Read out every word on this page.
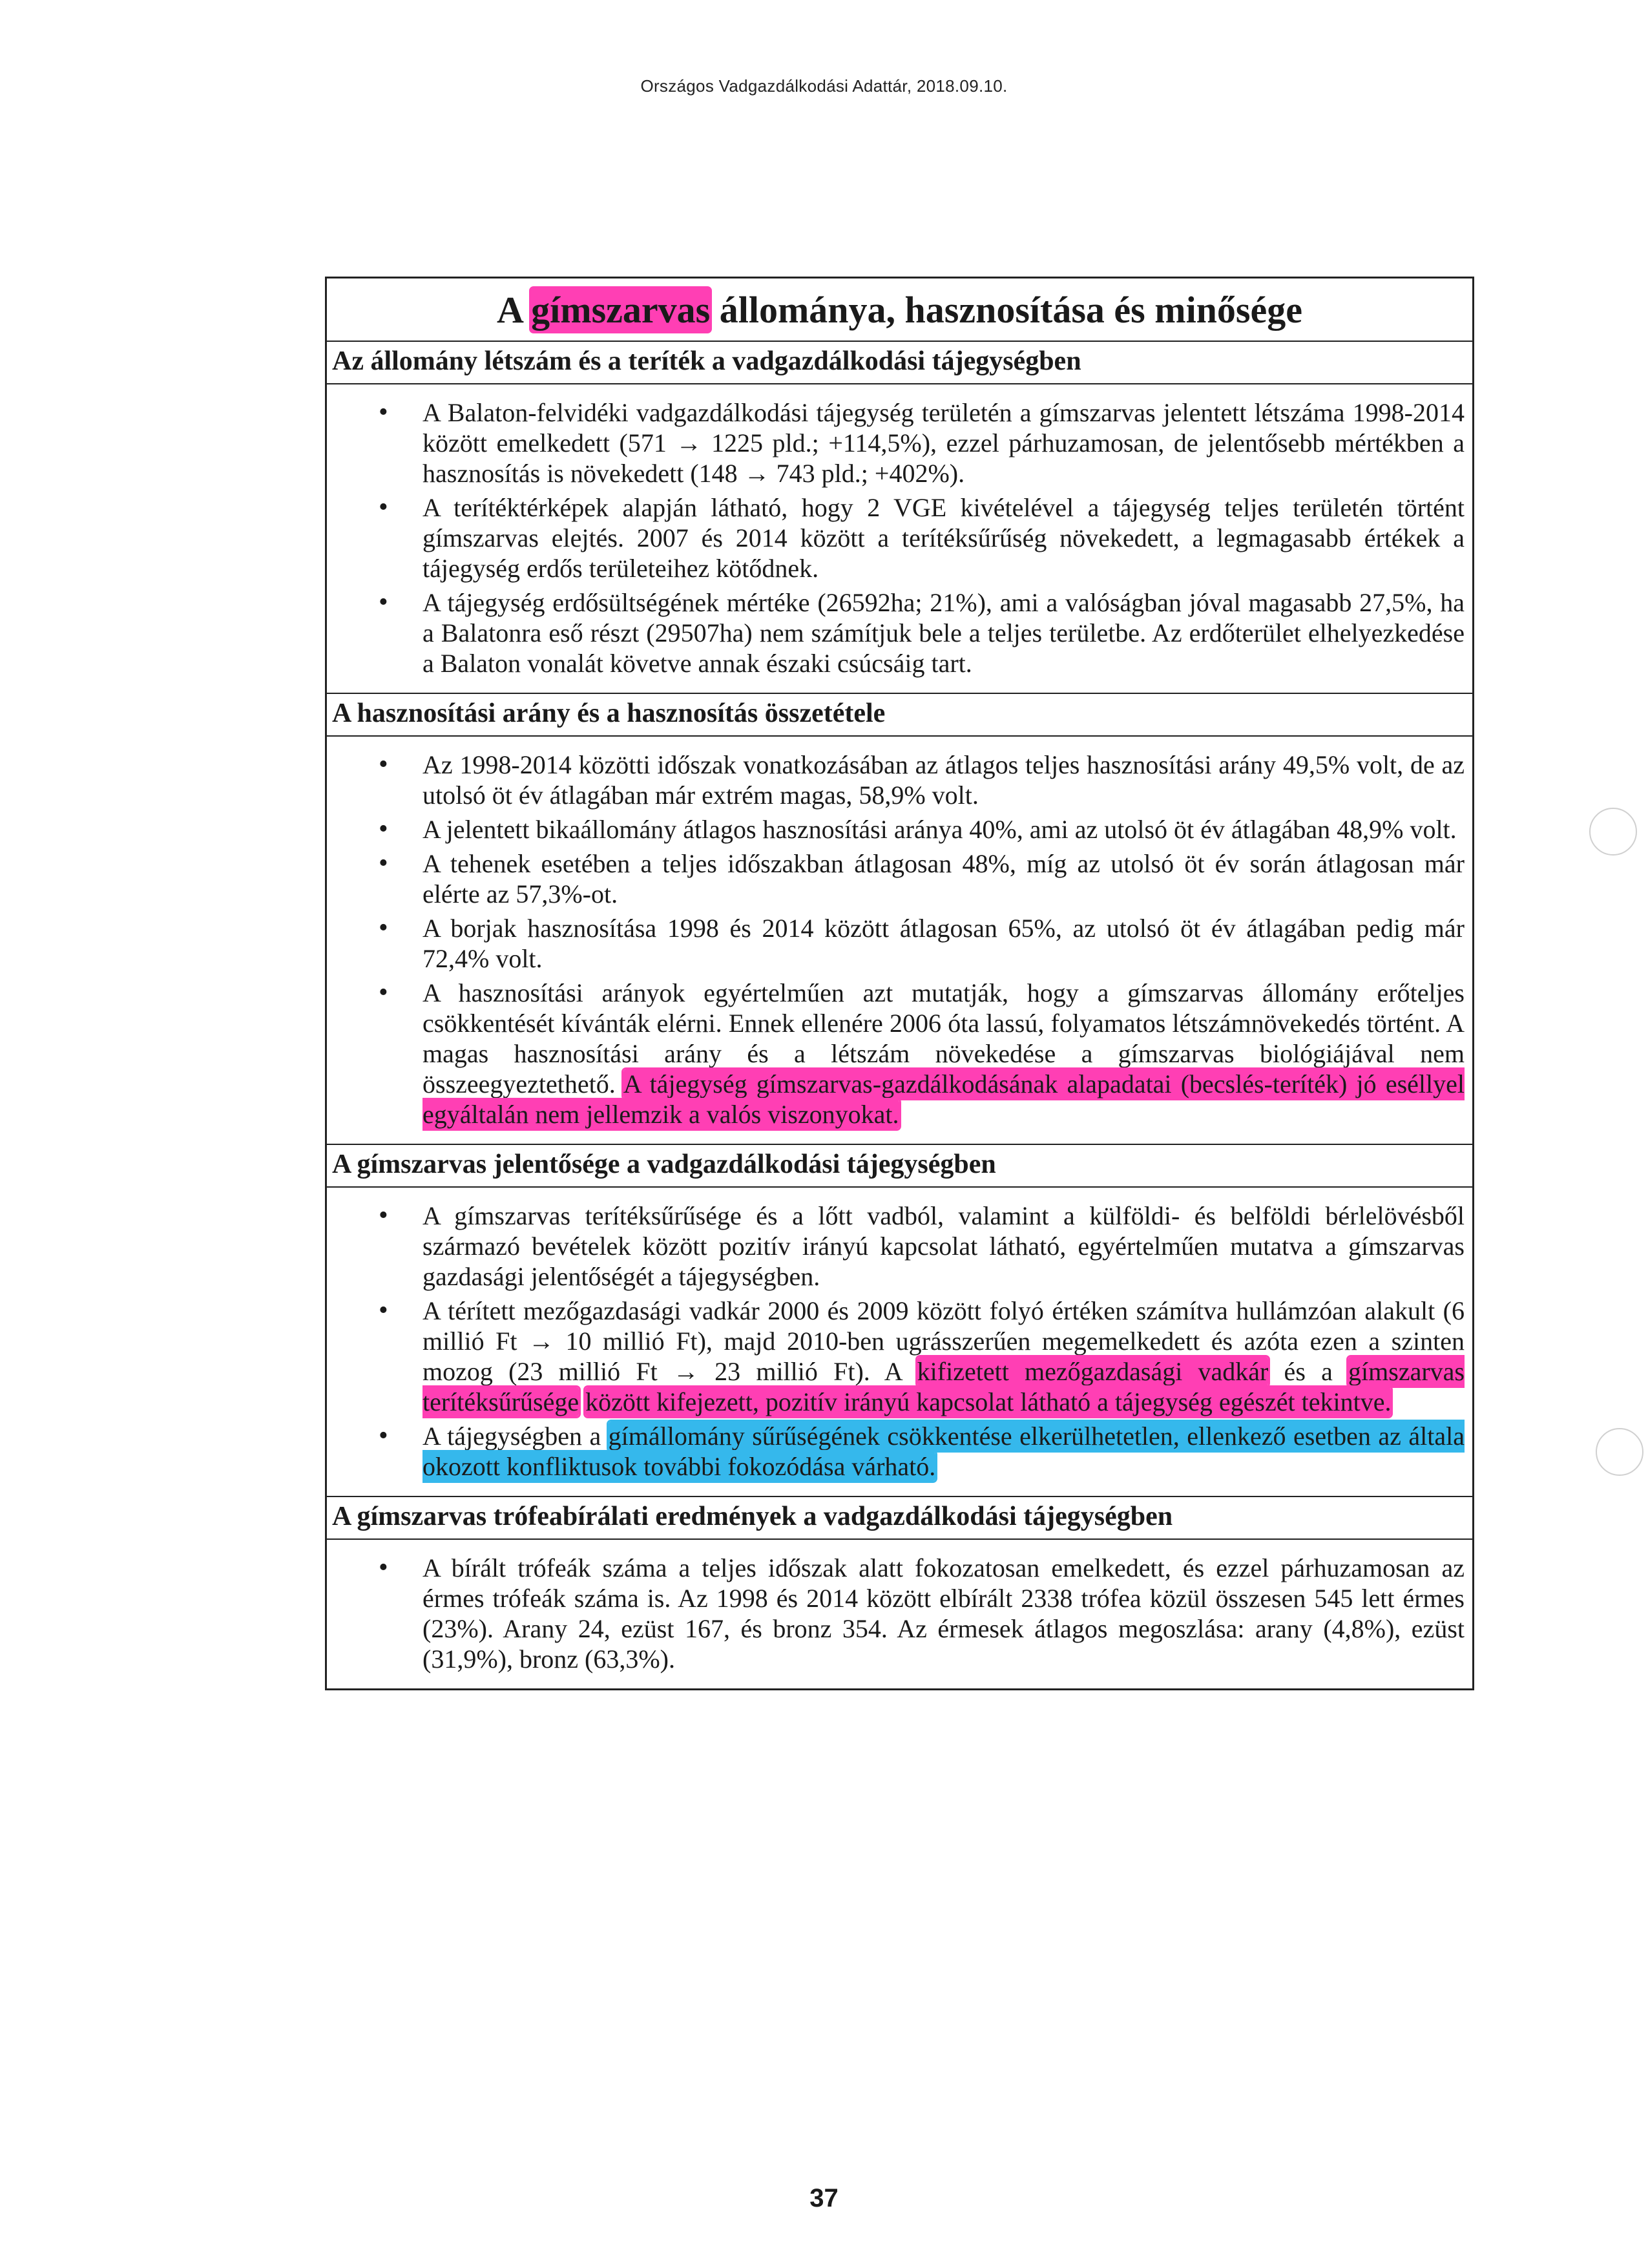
Országos Vadgazdálkodási Adattár, 2018.09.10.
A gímszarvas állománya, hasznosítása és minősége
Az állomány létszám és a teríték a vadgazdálkodási tájegységben
• A Balaton-felvidéki vadgazdálkodási tájegység területén a gímszarvas jelentett létszáma 1998-2014 között emelkedett (571 → 1225 pld.; +114,5%), ezzel párhuzamosan, de jelentősebb mértékben a hasznosítás is növekedett (148 → 743 pld.; +402%).
• A terítéktérképek alapján látható, hogy 2 VGE kivételével a tájegység teljes területén történt gímszarvas elejtés. 2007 és 2014 között a terítéksűrűség növekedett, a legmagasabb értékek a tájegység erdős területeihez kötődnek.
• A tájegység erdősültségének mértéke (26592ha; 21%), ami a valóságban jóval magasabb 27,5%, ha a Balatonra eső részt (29507ha) nem számítjuk bele a teljes területbe. Az erdőterület elhelyezkedése a Balaton vonalát követve annak északi csúcsáig tart.
A hasznosítási arány és a hasznosítás összetétele
• Az 1998-2014 közötti időszak vonatkozásában az átlagos teljes hasznosítási arány 49,5% volt, de az utolsó öt év átlagában már extrém magas, 58,9% volt.
• A jelentett bikaállomány átlagos hasznosítási aránya 40%, ami az utolsó öt év átlagában 48,9% volt.
• A tehenek esetében a teljes időszakban átlagosan 48%, míg az utolsó öt év során átlagosan már elérte az 57,3%-ot.
• A borjak hasznosítása 1998 és 2014 között átlagosan 65%, az utolsó öt év átlagában pedig már 72,4% volt.
• A hasznosítási arányok egyértelműen azt mutatják, hogy a gímszarvas állomány erőteljes csökkentését kívánták elérni. Ennek ellenére 2006 óta lassú, folyamatos létszámnövekedés történt. A magas hasznosítási arány és a létszám növekedése a gímszarvas biológiájával nem összeegyeztethető. A tájegység gímszarvas-gazdálkodásának alapadatai (becslés-teríték) jó eséllyel egyáltalán nem jellemzik a valós viszonyokat.
A gímszarvas jelentősége a vadgazdálkodási tájegységben
• A gímszarvas terítéksűrűsége és a lőtt vadból, valamint a külföldi- és belföldi bérlelövésből származó bevételek között pozitív irányú kapcsolat látható, egyértelműen mutatva a gímszarvas gazdasági jelentőségét a tájegységben.
• A térített mezőgazdasági vadkár 2000 és 2009 között folyó értéken számítva hullámzóan alakult (6 millió Ft → 10 millió Ft), majd 2010-ben ugrásszerűen megemelkedett és azóta ezen a szinten mozog (23 millió Ft → 23 millió Ft). A kifizetett mezőgazdasági vadkár és a gímszarvas terítéksűrűsége között kifejezett, pozitív irányú kapcsolat látható a tájegység egészét tekintve.
• A tájegységben a gímállomány sűrűségének csökkentése elkerülhetetlen, ellenkező esetben az általa okozott konfliktusok további fokozódása várható.
A gímszarvas trófeabírálati eredmények a vadgazdálkodási tájegységben
• A bírált trófeák száma a teljes időszak alatt fokozatosan emelkedett, és ezzel párhuzamosan az érmes trófeák száma is. Az 1998 és 2014 között elbírált 2338 trófea közül összesen 545 lett érmes (23%). Arany 24, ezüst 167, és bronz 354. Az érmesek átlagos megoszlása: arany (4,8%), ezüst (31,9%), bronz (63,3%).
37
